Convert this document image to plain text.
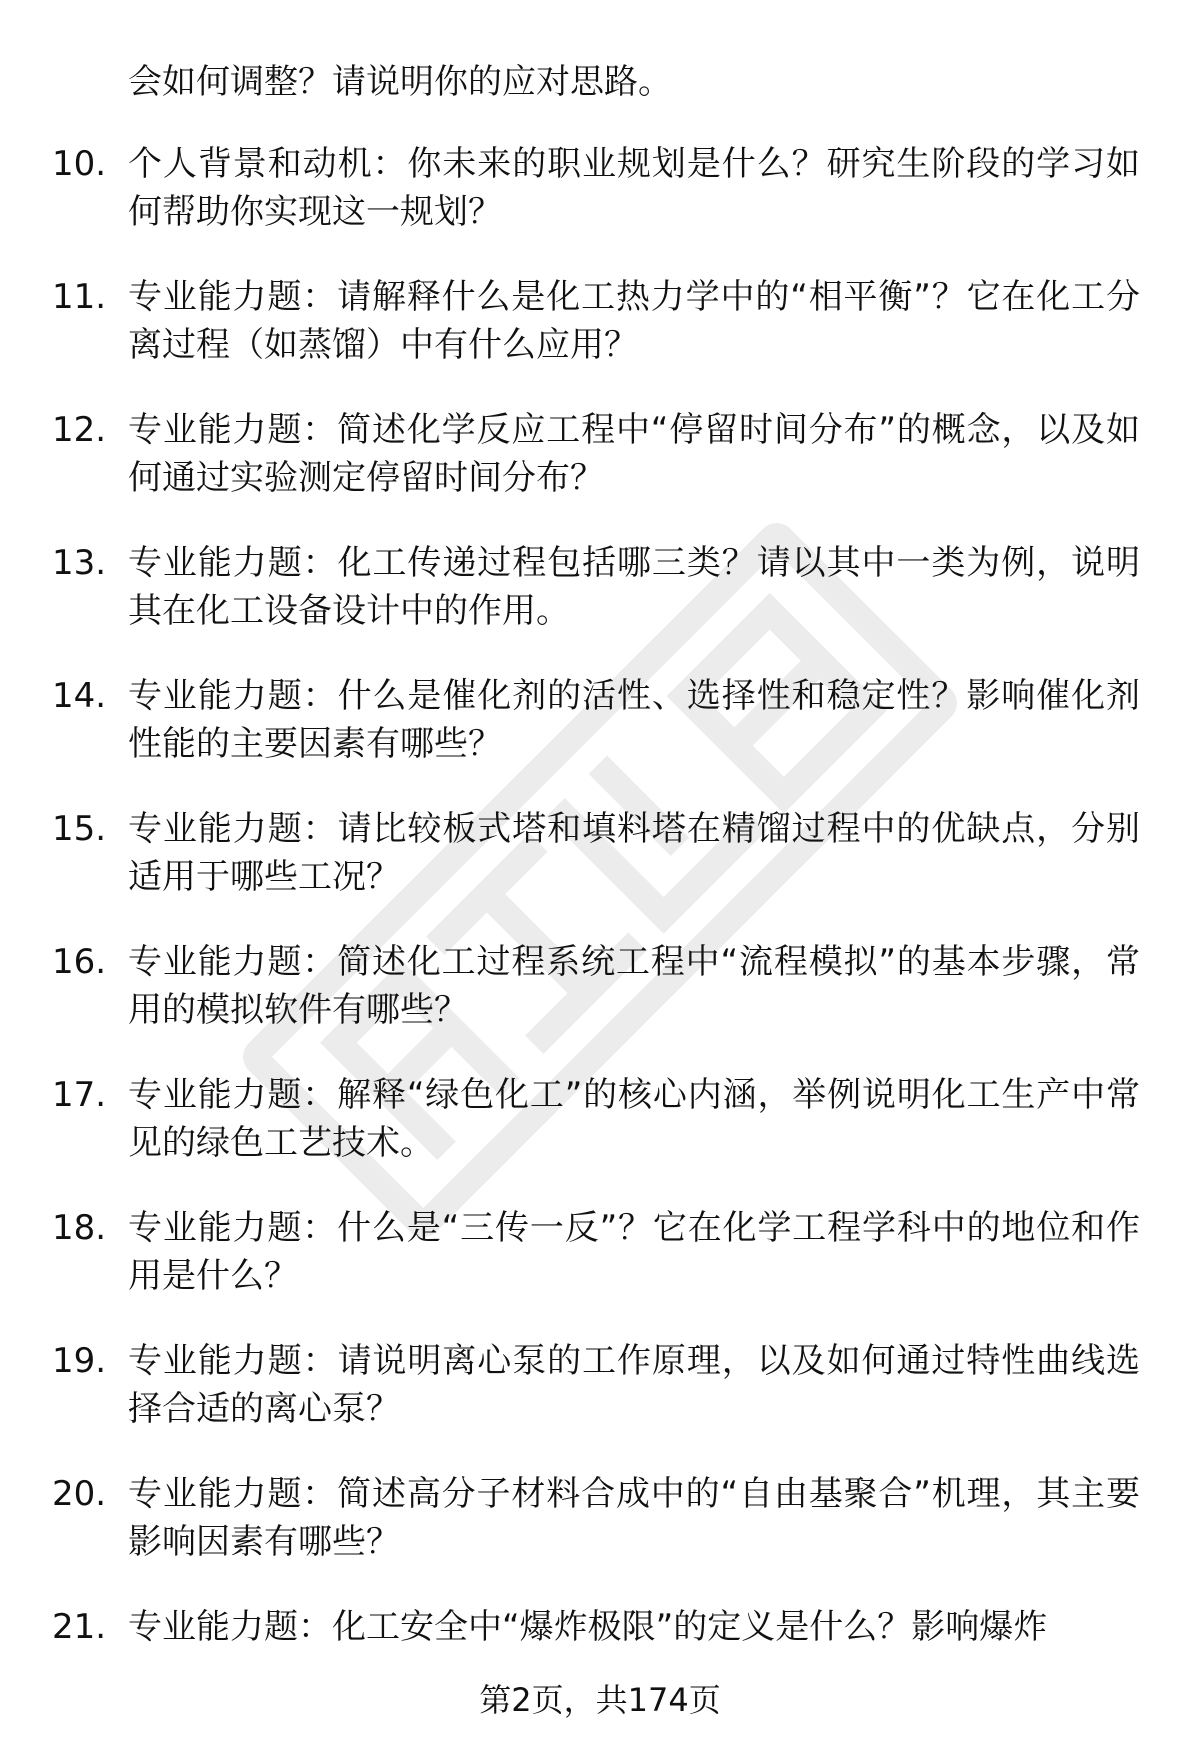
会如何调整？请说明你的应对思路。
10. 个人背景和动机：你未来的职业规划是什么？研究生阶段的学习如何帮助你实现这一规划？
11. 专业能力题：请解释什么是化工热力学中的“相平衡”？它在化工分离过程（如蒸馏）中有什么应用？
12. 专业能力题：简述化学反应工程中“停留时间分布”的概念，以及如何通过实验测定停留时间分布？
13. 专业能力题：化工传递过程包括哪三类？请以其中一类为例，说明其在化工设备设计中的作用。
14. 专业能力题：什么是催化剂的活性、选择性和稳定性？影响催化剂性能的主要因素有哪些？
15. 专业能力题：请比较板式塔和填料塔在精馏过程中的优缺点，分别适用于哪些工况？
16. 专业能力题：简述化工过程系统工程中“流程模拟”的基本步骤，常用的模拟软件有哪些？
17. 专业能力题：解释“绿色化工”的核心内涵，举例说明化工生产中常见的绿色工艺技术。
18. 专业能力题：什么是“三传一反”？它在化学工程学科中的地位和作用是什么？
19. 专业能力题：请说明离心泵的工作原理，以及如何通过特性曲线选择合适的离心泵？
20. 专业能力题：简述高分子材料合成中的“自由基聚合”机理，其主要影响因素有哪些？
21. 专业能力题：化工安全中“爆炸极限”的定义是什么？影响爆炸
第2页，共174页
